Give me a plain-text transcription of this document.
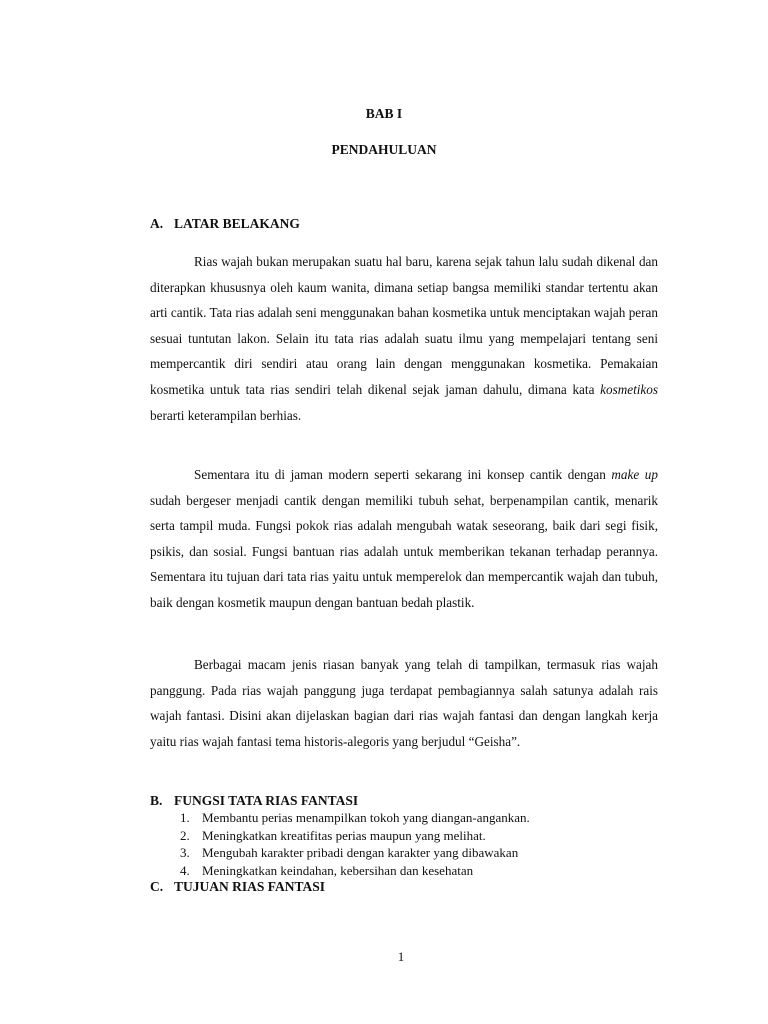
BAB I
PENDAHULUAN
A. LATAR BELAKANG

Rias wajah bukan merupakan suatu hal baru, karena sejak tahun lalu sudah dikenal dan diterapkan khususnya oleh kaum wanita, dimana setiap bangsa memiliki standar tertentu akan arti cantik. Tata rias adalah seni menggunakan bahan kosmetika untuk menciptakan wajah peran sesuai tuntutan lakon. Selain itu tata rias adalah suatu ilmu yang mempelajari tentang seni mempercantik diri sendiri atau orang lain dengan menggunakan kosmetika. Pemakaian kosmetika untuk tata rias sendiri telah dikenal sejak jaman dahulu, dimana kata kosmetikos berarti keterampilan berhias.

Sementara itu di jaman modern seperti sekarang ini konsep cantik dengan make up sudah bergeser menjadi cantik dengan memiliki tubuh sehat, berpenampilan cantik, menarik serta tampil muda. Fungsi pokok rias adalah mengubah watak seseorang, baik dari segi fisik, psikis, dan sosial. Fungsi bantuan rias adalah untuk memberikan tekanan terhadap perannya. Sementara itu tujuan dari tata rias yaitu untuk memperelok dan mempercantik wajah dan tubuh, baik dengan kosmetik maupun dengan bantuan bedah plastik.

Berbagai macam jenis riasan banyak yang telah di tampilkan, termasuk rias wajah panggung. Pada rias wajah panggung juga terdapat pembagiannya salah satunya adalah rais wajah fantasi. Disini akan dijelaskan bagian dari rias wajah fantasi dan dengan langkah kerja yaitu rias wajah fantasi tema historis-alegoris yang berjudul “Geisha”.

B. FUNGSI TATA RIAS FANTASI
1. Membantu perias menampilkan tokoh yang diangan-angankan.
2. Meningkatkan kreatifitas perias maupun yang melihat.
3. Mengubah karakter pribadi dengan karakter yang dibawakan
4. Meningkatkan keindahan, kebersihan dan kesehatan
C. TUJUAN RIAS FANTASI
1
